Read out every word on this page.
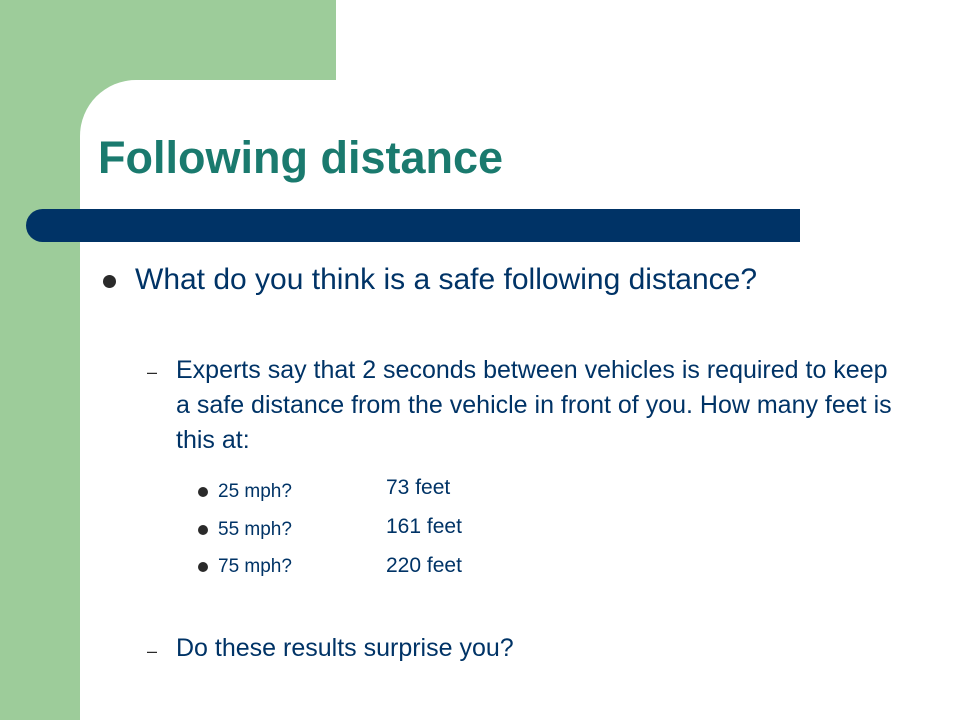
Following distance

What do you think is a safe following distance?

– Experts say that 2 seconds between vehicles is required to keep a safe distance from the vehicle in front of you. How many feet is this at:

25 mph?	73 feet
55 mph?	161 feet
75 mph?	220 feet
– Do these results surprise you?
